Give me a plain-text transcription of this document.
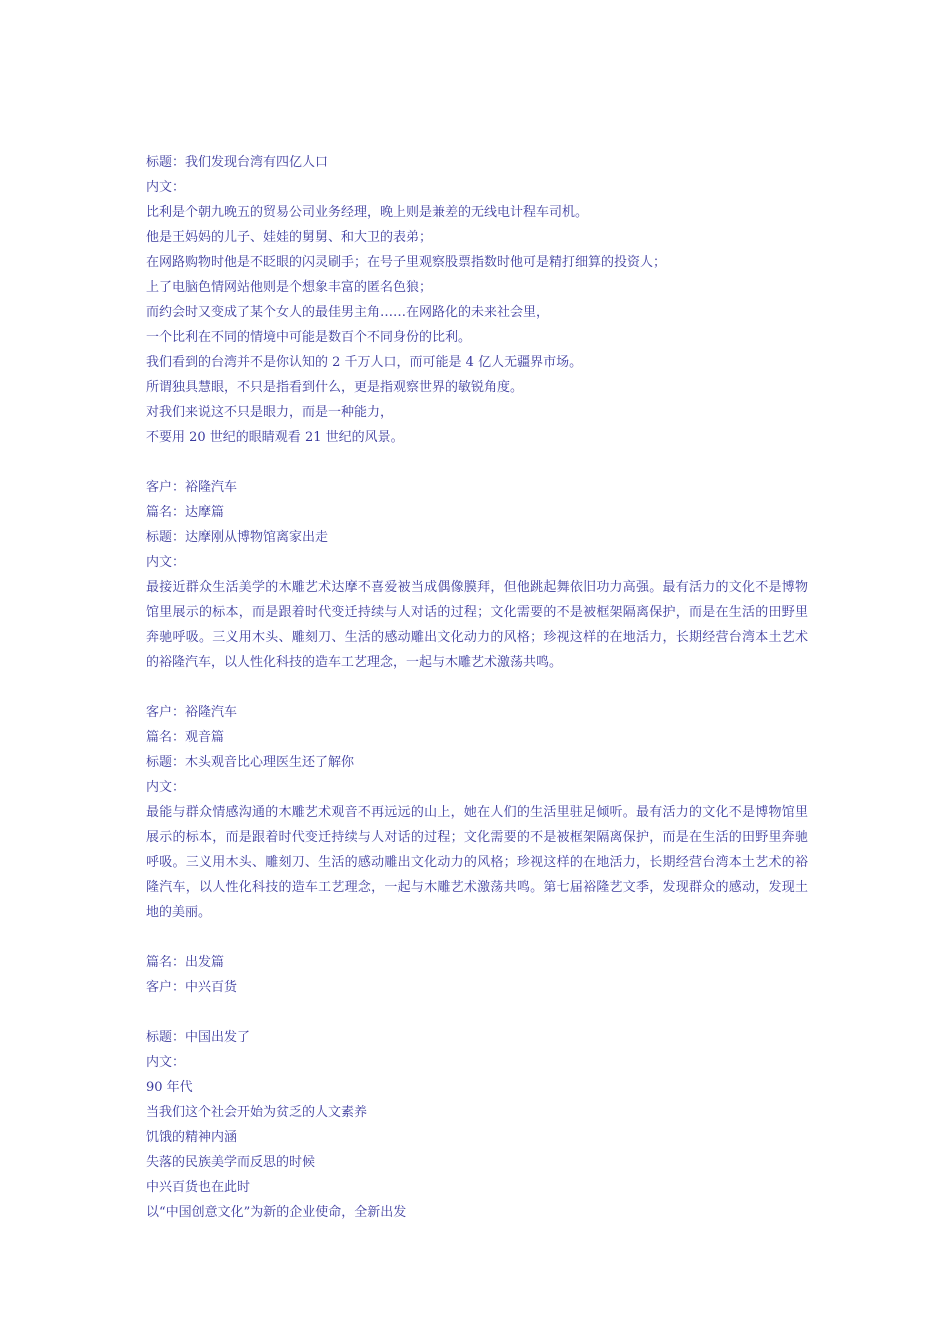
标题：我们发现台湾有四亿人口
内文：
比利是个朝九晚五的贸易公司业务经理，晚上则是兼差的无线电计程车司机。
他是王妈妈的儿子、娃娃的舅舅、和大卫的表弟；
在网路购物时他是不眨眼的闪灵刷手；在号子里观察股票指数时他可是精打细算的投资人；
上了电脑色情网站他则是个想象丰富的匿名色狼；
而约会时又变成了某个女人的最佳男主角……在网路化的未来社会里，
一个比利在不同的情境中可能是数百个不同身份的比利。
我们看到的台湾并不是你认知的 2 千万人口，而可能是 4 亿人无疆界市场。
所谓独具慧眼，不只是指看到什么，更是指观察世界的敏锐角度。
对我们来说这不只是眼力，而是一种能力，
不要用 20 世纪的眼睛观看 21 世纪的风景。
客户：裕隆汽车
篇名：达摩篇
标题：达摩刚从博物馆离家出走
内文：
最接近群众生活美学的木雕艺术达摩不喜爱被当成偶像膜拜，但他跳起舞依旧功力高强。最有活力的文化不是博物馆里展示的标本，而是跟着时代变迁持续与人对话的过程；文化需要的不是被框架隔离保护，而是在生活的田野里奔驰呼吸。三义用木头、雕刻刀、生活的感动雕出文化动力的风格；珍视这样的在地活力，长期经营台湾本土艺术的裕隆汽车，以人性化科技的造车工艺理念，一起与木雕艺术激荡共鸣。
客户：裕隆汽车
篇名：观音篇
标题：木头观音比心理医生还了解你
内文：
最能与群众情感沟通的木雕艺术观音不再远远的山上，她在人们的生活里驻足倾听。最有活力的文化不是博物馆里展示的标本，而是跟着时代变迁持续与人对话的过程；文化需要的不是被框架隔离保护，而是在生活的田野里奔驰呼吸。三义用木头、雕刻刀、生活的感动雕出文化动力的风格；珍视这样的在地活力，长期经营台湾本土艺术的裕隆汽车，以人性化科技的造车工艺理念，一起与木雕艺术激荡共鸣。第七届裕隆艺文季，发现群众的感动，发现土地的美丽。
篇名：出发篇
客户：中兴百货
标题：中国出发了
内文：
90 年代
当我们这个社会开始为贫乏的人文素养
饥饿的精神内涵
失落的民族美学而反思的时候
中兴百货也在此时
以“中国创意文化”为新的企业使命，全新出发
